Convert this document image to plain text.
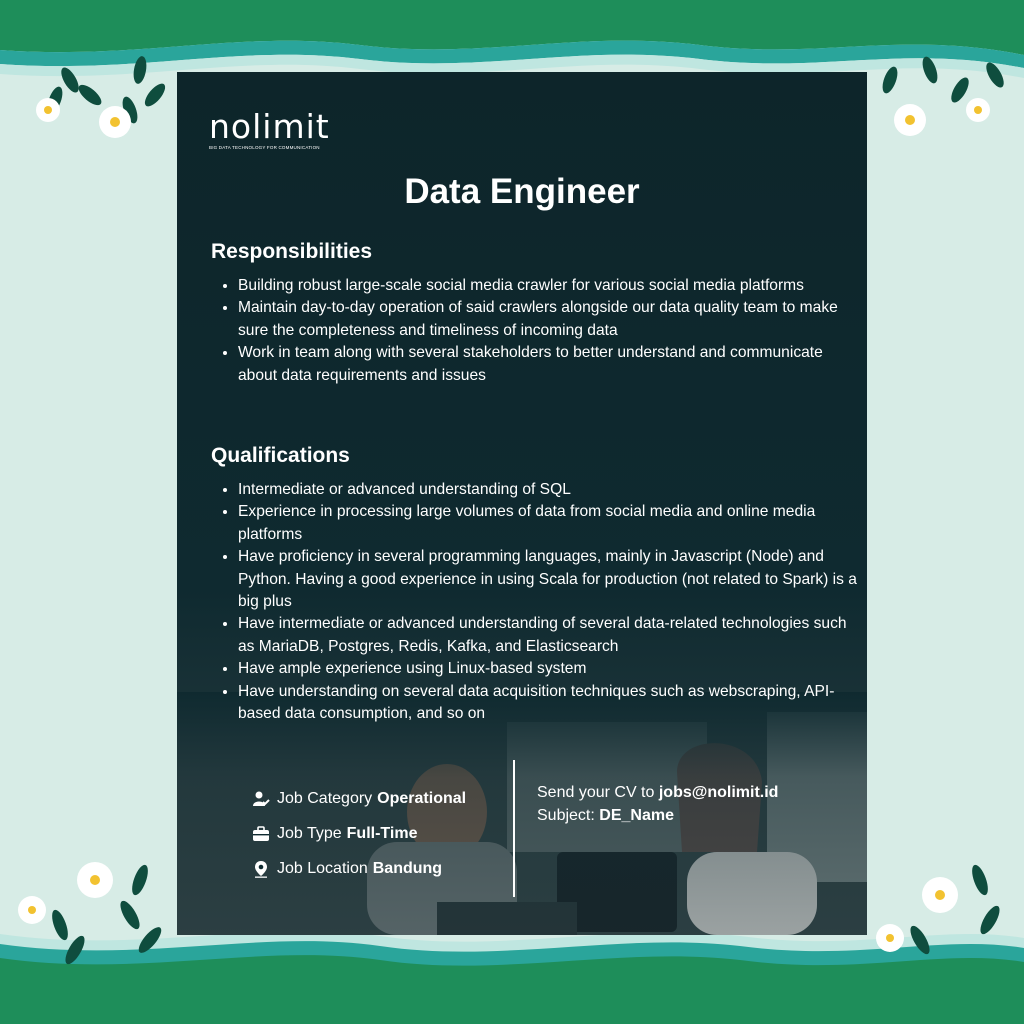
nolimit
BIG DATA TECHNOLOGY FOR COMMUNICATION
Data Engineer
Responsibilities
• Building robust large-scale social media crawler for various social media platforms
• Maintain day-to-day operation of said crawlers alongside our data quality team to make sure the completeness and timeliness of incoming data
• Work in team along with several stakeholders to better understand and communicate about data requirements and issues
Qualifications
• Intermediate or advanced understanding of SQL
• Experience in processing large volumes of data from social media and online media platforms
• Have proficiency in several programming languages, mainly in Javascript (Node) and Python. Having a good experience in using Scala for production (not related to Spark) is a big plus
• Have intermediate or advanced understanding of several data-related technologies such as MariaDB, Postgres, Redis, Kafka, and Elasticsearch
• Have ample experience using Linux-based system
• Have understanding on several data acquisition techniques such as webscraping, API-based data consumption, and so on
Job Category Operational
Job Type Full-Time
Job Location Bandung
Send your CV to jobs@nolimit.id
Subject: DE_Name
